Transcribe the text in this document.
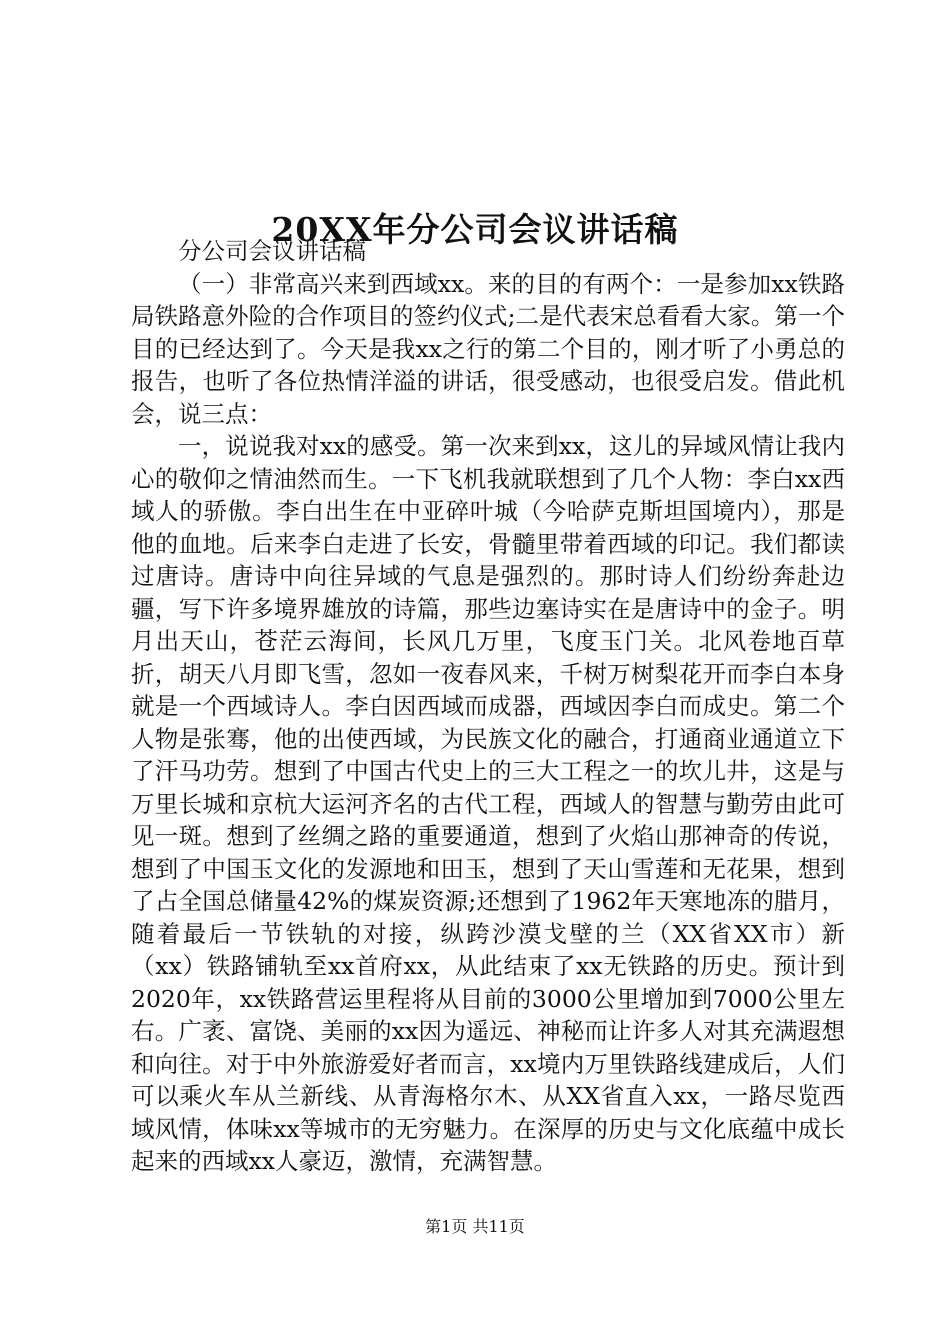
20XX年分公司会议讲话稿

分公司会议讲话稿

（一）非常高兴来到西域xx。来的目的有两个：一是参加xx铁路局铁路意外险的合作项目的签约仪式;二是代表宋总看看大家。第一个目的已经达到了。今天是我xx之行的第二个目的，刚才听了小勇总的报告，也听了各位热情洋溢的讲话，很受感动，也很受启发。借此机会，说三点：

一，说说我对xx的感受。第一次来到xx，这儿的异域风情让我内心的敬仰之情油然而生。一下飞机我就联想到了几个人物：李白xx西域人的骄傲。李白出生在中亚碎叶城（今哈萨克斯坦国境内），那是他的血地。后来李白走进了长安，骨髓里带着西域的印记。我们都读过唐诗。唐诗中向往异域的气息是强烈的。那时诗人们纷纷奔赴边疆，写下许多境界雄放的诗篇，那些边塞诗实在是唐诗中的金子。明月出天山，苍茫云海间，长风几万里，飞度玉门关。北风卷地百草折，胡天八月即飞雪，忽如一夜春风来，千树万树梨花开而李白本身就是一个西域诗人。李白因西域而成器，西域因李白而成史。第二个人物是张骞，他的出使西域，为民族文化的融合，打通商业通道立下了汗马功劳。想到了中国古代史上的三大工程之一的坎儿井，这是与万里长城和京杭大运河齐名的古代工程，西域人的智慧与勤劳由此可见一斑。想到了丝绸之路的重要通道，想到了火焰山那神奇的传说，想到了中国玉文化的发源地和田玉，想到了天山雪莲和无花果，想到了占全国总储量42%的煤炭资源;还想到了1962年天寒地冻的腊月，随着最后一节铁轨的对接，纵跨沙漠戈壁的兰（XX省XX市）新（xx）铁路铺轨至xx首府xx，从此结束了xx无铁路的历史。预计到2020年，xx铁路营运里程将从目前的3000公里增加到7000公里左右。广袤、富饶、美丽的xx因为遥远、神秘而让许多人对其充满遐想和向往。对于中外旅游爱好者而言，xx境内万里铁路线建成后，人们可以乘火车从兰新线、从青海格尔木、从XX省直入xx，一路尽览西域风情，体味xx等城市的无穷魅力。在深厚的历史与文化底蕴中成长起来的西域xx人豪迈，激情，充满智慧。

第1页 共11页
